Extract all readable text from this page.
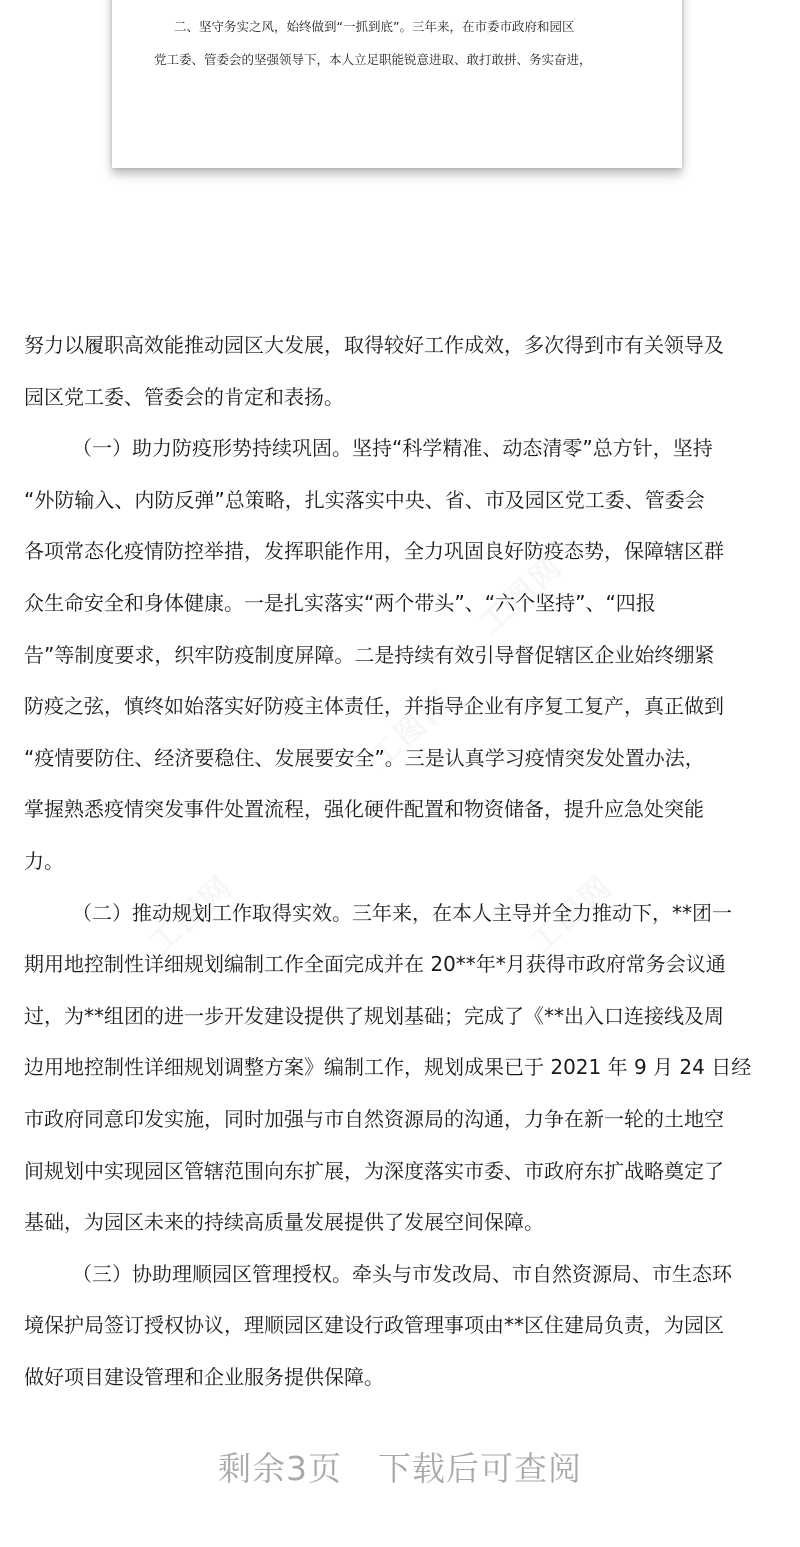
二、坚守务实之风，始终做到“一抓到底”。三年来，在市委市政府和园区
党工委、管委会的坚强领导下，本人立足职能锐意进取、敢打敢拼、务实奋进，
工图网
工图网
工图网	工图网
努力以履职高效能推动园区大发展，取得较好工作成效，多次得到市有关领导及
园区党工委、管委会的肯定和表扬。
（一）助力防疫形势持续巩固。坚持“科学精准、动态清零”总方针，坚持
“外防输入、内防反弹”总策略，扎实落实中央、省、市及园区党工委、管委会
各项常态化疫情防控举措，发挥职能作用，全力巩固良好防疫态势，保障辖区群
众生命安全和身体健康。一是扎实落实“两个带头”、“六个坚持”、“四报
告”等制度要求，织牢防疫制度屏障。二是持续有效引导督促辖区企业始终绷紧
防疫之弦，慎终如始落实好防疫主体责任，并指导企业有序复工复产，真正做到
“疫情要防住、经济要稳住、发展要安全”。三是认真学习疫情突发处置办法，
掌握熟悉疫情突发事件处置流程，强化硬件配置和物资储备，提升应急处突能
力。
（二）推动规划工作取得实效。三年来，在本人主导并全力推动下，**团一
期用地控制性详细规划编制工作全面完成并在 20**年*月获得市政府常务会议通
过，为**组团的进一步开发建设提供了规划基础；完成了《**出入口连接线及周
边用地控制性详细规划调整方案》编制工作，规划成果已于 2021 年 9 月 24 日经
市政府同意印发实施，同时加强与市自然资源局的沟通，力争在新一轮的土地空
间规划中实现园区管辖范围向东扩展，为深度落实市委、市政府东扩战略奠定了
基础，为园区未来的持续高质量发展提供了发展空间保障。
（三）协助理顺园区管理授权。牵头与市发改局、市自然资源局、市生态环
境保护局签订授权协议，理顺园区建设行政管理事项由**区住建局负责，为园区
做好项目建设管理和企业服务提供保障。
剩余3页 下载后可查阅
